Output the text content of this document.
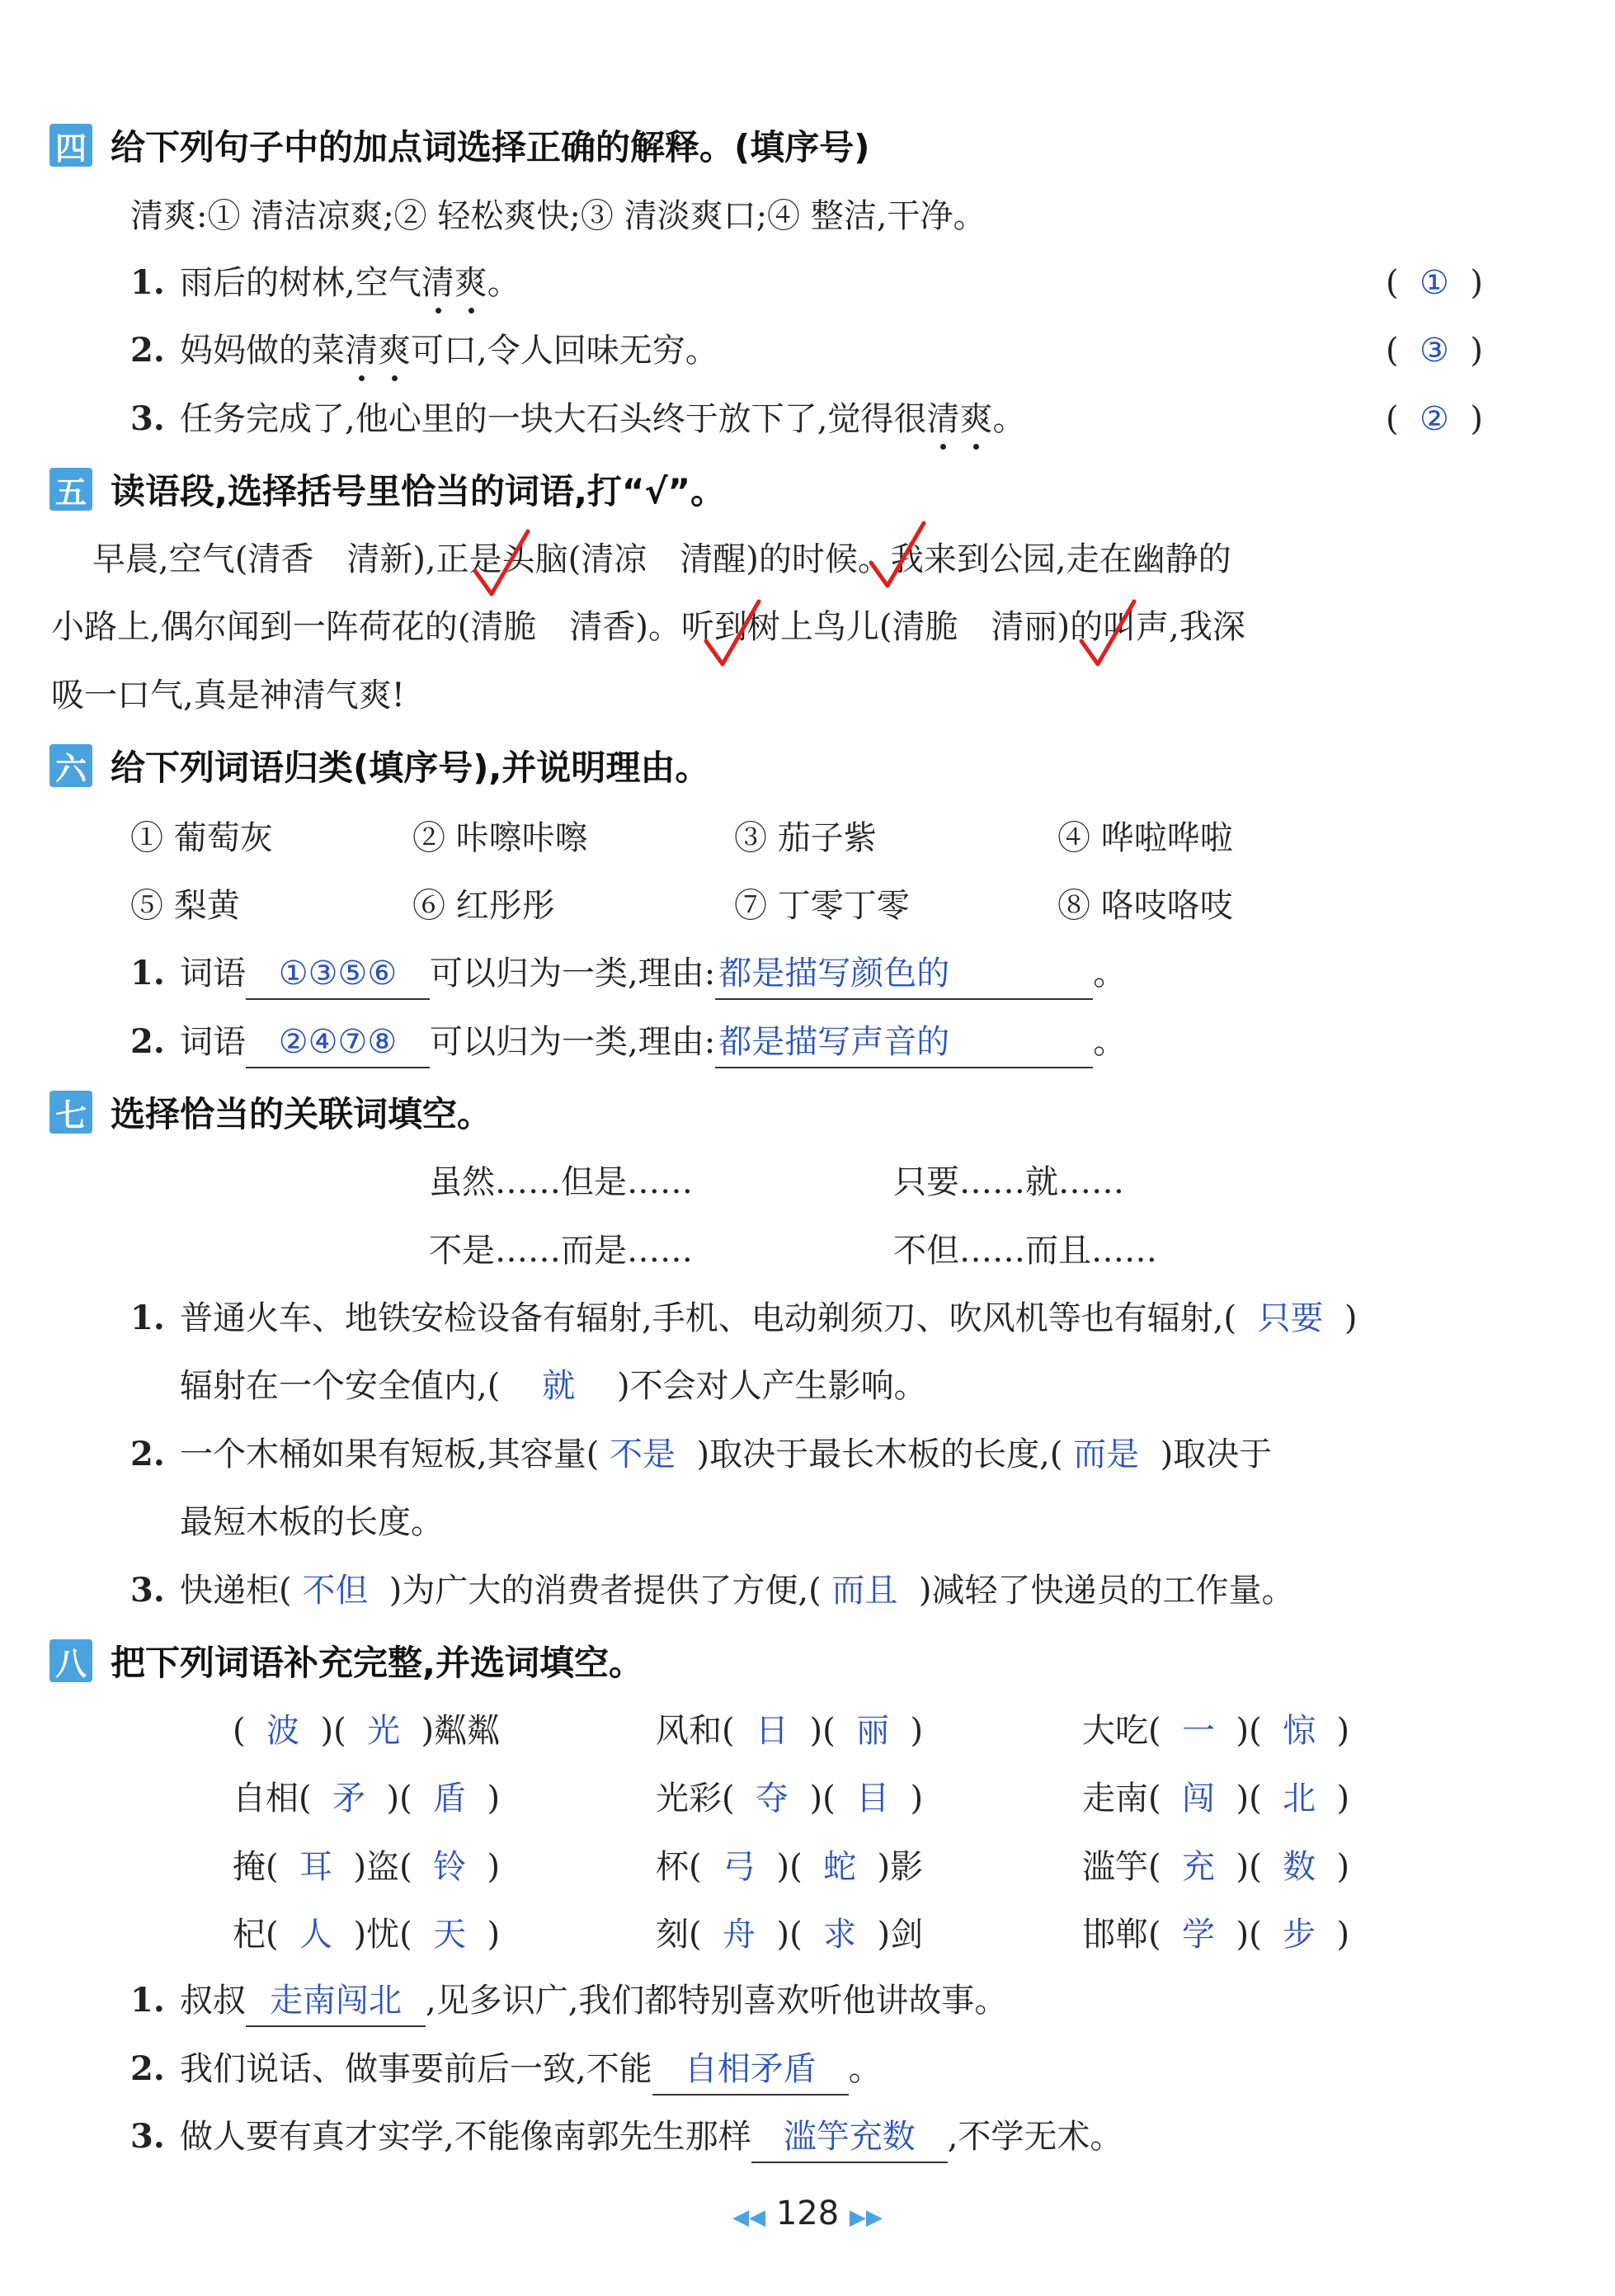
四 给下列句子中的加点词选择正确的解释。(填序号)
清爽:① 清洁凉爽;② 轻松爽快;③ 清淡爽口;④ 整洁,干净。
1. 雨后的树林,空气清爽。	(  ①  )
2. 妈妈做的菜清爽可口,令人回味无穷。	(  ③  )
3. 任务完成了,他心里的一块大石头终于放下了,觉得很清爽。	(  ②  )
五 读语段,选择括号里恰当的词语,打“√”。
早晨,空气(清香　清新),正是头脑(清凉　清醒)的时候。我来到公园,走在幽静的
小路上,偶尔闻到一阵荷花的(清脆　清香)。听到树上鸟儿(清脆　清丽)的叫声,我深
吸一口气,真是神清气爽!
六 给下列词语归类(填序号),并说明理由。
① 葡萄灰	② 咔嚓咔嚓	③ 茄子紫	④ 哗啦哗啦
⑤ 梨黄	⑥ 红彤彤	⑦ 丁零丁零	⑧ 咯吱咯吱
1. 词语 ①③⑤⑥ 可以归为一类,理由: 都是描写颜色的	。
2. 词语 ②④⑦⑧ 可以归为一类,理由: 都是描写声音的	。
七 选择恰当的关联词填空。
虽然……但是……	只要……就……
不是……而是……	不但……而且……
1. 普通火车、地铁安检设备有辐射,手机、电动剃须刀、吹风机等也有辐射,( 只要 )
辐射在一个安全值内,( 就 )不会对人产生影响。
2. 一个木桶如果有短板,其容量( 不是 )取决于最长木板的长度,( 而是 )取决于
最短木板的长度。
3. 快递柜( 不但 )为广大的消费者提供了方便,( 而且 )减轻了快递员的工作量。
八 把下列词语补充完整,并选词填空。
(  波  )(  光  )粼粼	风和(  日  )(  丽  )	大吃(  一  )(  惊  )
自相(  矛  )(  盾  )	光彩(  夺  )(  目  )	走南(  闯  )(  北  )
掩(  耳  )盗(  铃  )	杯(  弓  )(  蛇  )影	滥竽(  充  )(  数  )
杞(  人  )忧(  天  )	刻(  舟  )(  求  )剑	邯郸(  学  )(  步  )
1. 叔叔 走南闯北 ,见多识广,我们都特别喜欢听他讲故事。
2. 我们说话、做事要前后一致,不能 自相矛盾 。
3. 做人要有真才实学,不能像南郭先生那样 滥竽充数 ,不学无术。
◀◀ 128 ▶▶
